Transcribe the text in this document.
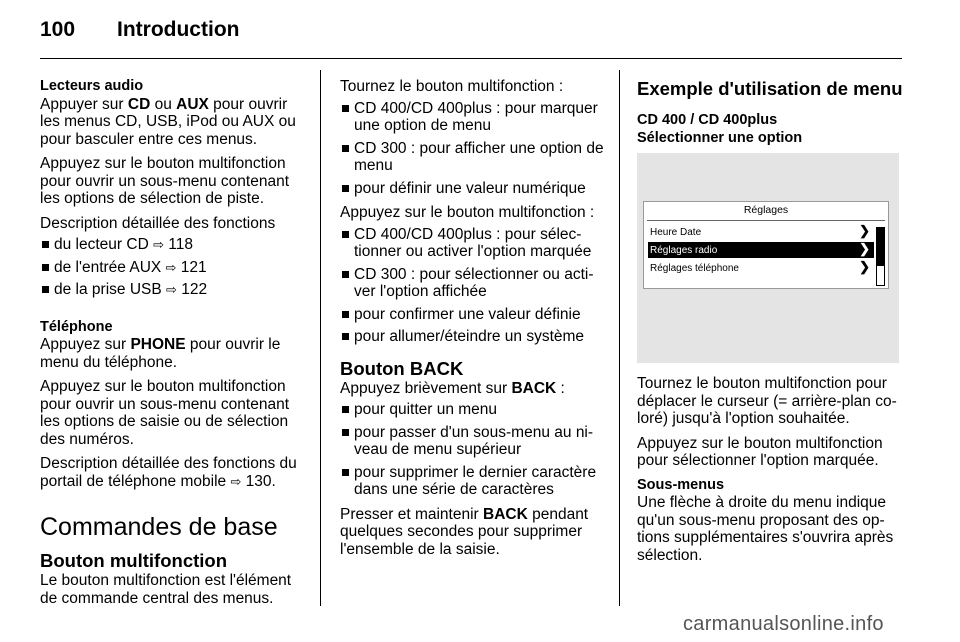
100 Introduction
Lecteurs audio

Appuyer sur CD ou AUX pour ouvrir les menus CD, USB, iPod ou AUX ou pour basculer entre ces menus.

Appuyez sur le bouton multifonction pour ouvrir un sous-menu contenant les options de sélection de piste.

Description détaillée des fonctions

du lecteur CD ⇨ 118
de l'entrée AUX ⇨ 121
de la prise USB ⇨ 122
Téléphone

Appuyez sur PHONE pour ouvrir le menu du téléphone.

Appuyez sur le bouton multifonction pour ouvrir un sous-menu contenant les options de saisie ou de sélection des numéros.

Description détaillée des fonctions du portail de téléphone mobile ⇨ 130.

Commandes de base
Bouton multifonction

Le bouton multifonction est l'élément de commande central des menus.

Tournez le bouton multifonction :

CD 400/CD 400plus : pour marquer une option de menu
CD 300 : pour afficher une option de menu
pour définir une valeur numérique

Appuyez sur le bouton multifonction :

CD 400/CD 400plus : pour sélec-tionner ou activer l'option marquée
CD 300 : pour sélectionner ou acti-ver l'option affichée
pour confirmer une valeur définie
pour allumer/éteindre un système
Bouton BACK

Appuyez brièvement sur BACK :

pour quitter un menu
pour passer d'un sous-menu au ni-veau de menu supérieur
pour supprimer le dernier caractère dans une série de caractères

Presser et maintenir BACK pendant quelques secondes pour supprimer l'ensemble de la saisie.

Exemple d'utilisation de menu
CD 400 / CD 400plus
Sélectionner une option
Réglages
Heure Date	❯
Réglages radio	❯
Réglages téléphone	❯

Tournez le bouton multifonction pour déplacer le curseur (= arrière-plan co-loré) jusqu'à l'option souhaitée.

Appuyez sur le bouton multifonction pour sélectionner l'option marquée.

Sous-menus

Une flèche à droite du menu indique qu'un sous-menu proposant des op-tions supplémentaires s'ouvrira après sélection.

carmanualsonline.info
